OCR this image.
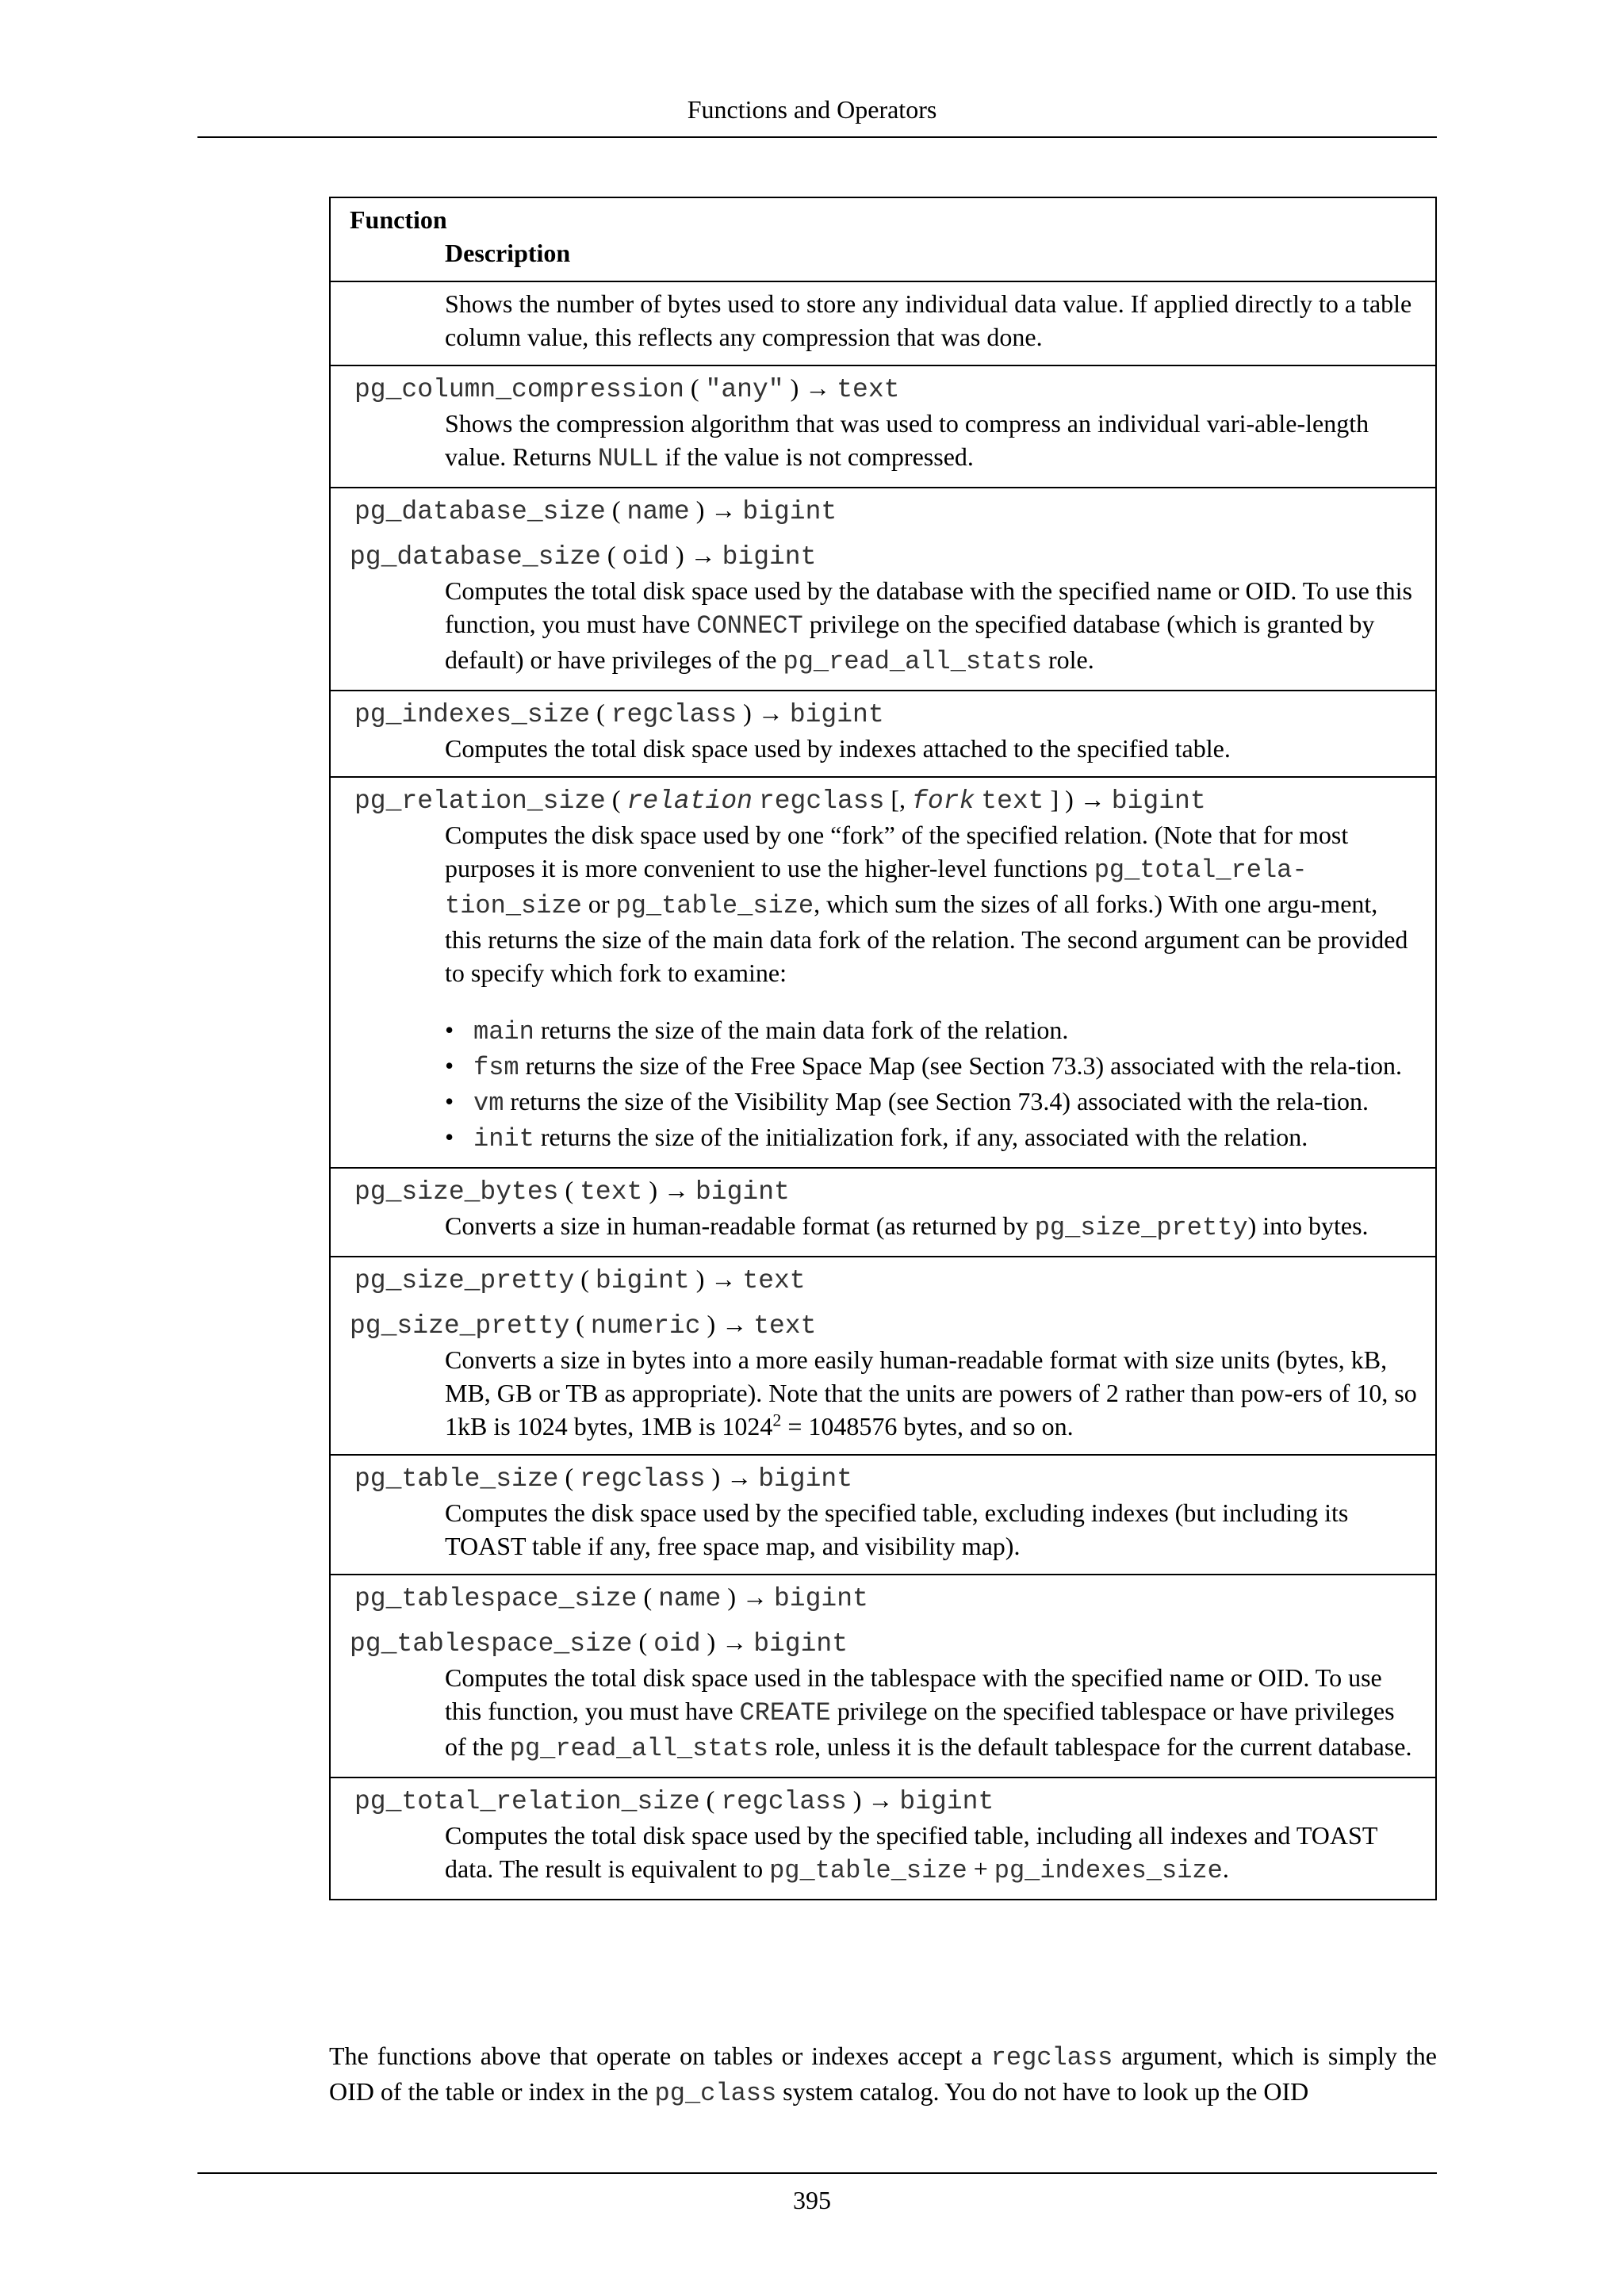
Functions and Operators
Function
Description

Shows the number of bytes used to store any individual data value. If applied directly to a table column value, this reflects any compression that was done.

pg_column_compression ( "any" ) → text
Shows the compression algorithm that was used to compress an individual vari-able-length value. Returns NULL if the value is not compressed.

pg_database_size ( name ) → bigint
pg_database_size ( oid ) → bigint
Computes the total disk space used by the database with the specified name or OID. To use this function, you must have CONNECT privilege on the specified database (which is granted by default) or have privileges of the pg_read_all_stats role.

pg_indexes_size ( regclass ) → bigint
Computes the total disk space used by indexes attached to the specified table.

pg_relation_size ( relation regclass [, fork text ] ) → bigint

Computes the disk space used by one “fork” of the specified relation. (Note that for most purposes it is more convenient to use the higher-level functions pg_total_rela-tion_size or pg_table_size, which sum the sizes of all forks.) With one argu-ment, this returns the size of the main data fork of the relation. The second argument can be provided to specify which fork to examine:

• main returns the size of the main data fork of the relation.
• fsm returns the size of the Free Space Map (see Section 73.3) associated with the rela-tion.
• vm returns the size of the Visibility Map (see Section 73.4) associated with the rela-tion.
• init returns the size of the initialization fork, if any, associated with the relation.

pg_size_bytes ( text ) → bigint
Converts a size in human-readable format (as returned by pg_size_pretty) into bytes.

pg_size_pretty ( bigint ) → text
pg_size_pretty ( numeric ) → text
Converts a size in bytes into a more easily human-readable format with size units (bytes, kB, MB, GB or TB as appropriate). Note that the units are powers of 2 rather than pow-ers of 10, so 1kB is 1024 bytes, 1MB is $1024^2 = 1048576$ bytes, and so on.

pg_table_size ( regclass ) → bigint
Computes the disk space used by the specified table, excluding indexes (but including its TOAST table if any, free space map, and visibility map).

pg_tablespace_size ( name ) → bigint
pg_tablespace_size ( oid ) → bigint
Computes the total disk space used in the tablespace with the specified name or OID. To use this function, you must have CREATE privilege on the specified tablespace or have privileges of the pg_read_all_stats role, unless it is the default tablespace for the current database.

pg_total_relation_size ( regclass ) → bigint
Computes the total disk space used by the specified table, including all indexes and TOAST data. The result is equivalent to pg_table_size + pg_indexes_size.
The functions above that operate on tables or indexes accept a regclass argument, which is simply the OID of the table or index in the pg_class system catalog. You do not have to look up the OID
395
